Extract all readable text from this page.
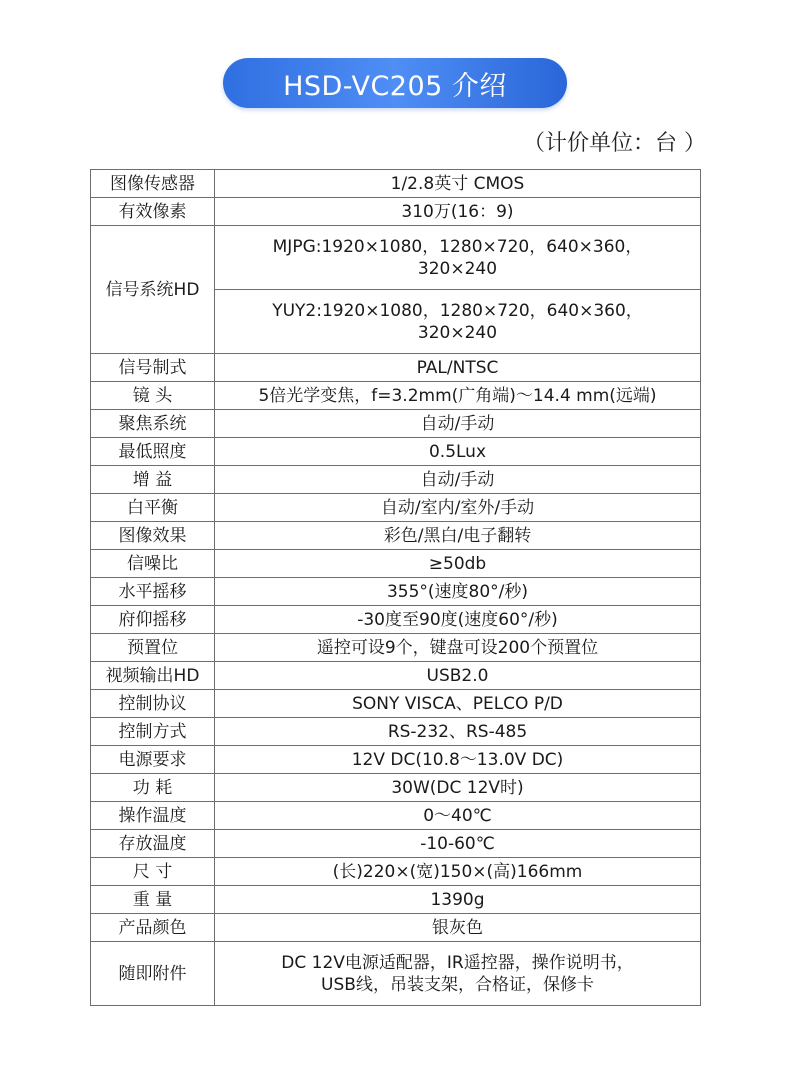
HSD-VC205 介绍
（计价单位：台 ）
图像传感器	1/2.8英寸 CMOS
有效像素	310万(16：9)
信号系统HD	MJPG:1920×1080，1280×720，640×360，
320×240

	YUY2:1920×1080，1280×720，640×360，
320×240

信号制式	PAL/NTSC
镜 头	5倍光学变焦，f=3.2mm(广角端)～14.4 mm(远端)
聚焦系统	自动/手动
最低照度	0.5Lux
增 益	自动/手动
白平衡	自动/室内/室外/手动
图像效果	彩色/黑白/电子翻转
信噪比	≥50db
水平摇移	355°(速度80°/秒)
府仰摇移	-30度至90度(速度60°/秒)
预置位	遥控可设9个，键盘可设200个预置位
视频输出HD	USB2.0
控制协议	SONY VISCA、PELCO P/D
控制方式	RS-232、RS-485
电源要求	12V DC(10.8～13.0V DC)
功 耗	30W(DC 12V时)
操作温度	0～40℃
存放温度	-10-60℃
尺 寸	(长)220×(宽)150×(高)166mm
重 量	1390g
产品颜色	银灰色
随即附件	DC 12V电源适配器，IR遥控器，操作说明书，
USB线，吊装支架，合格证，保修卡
